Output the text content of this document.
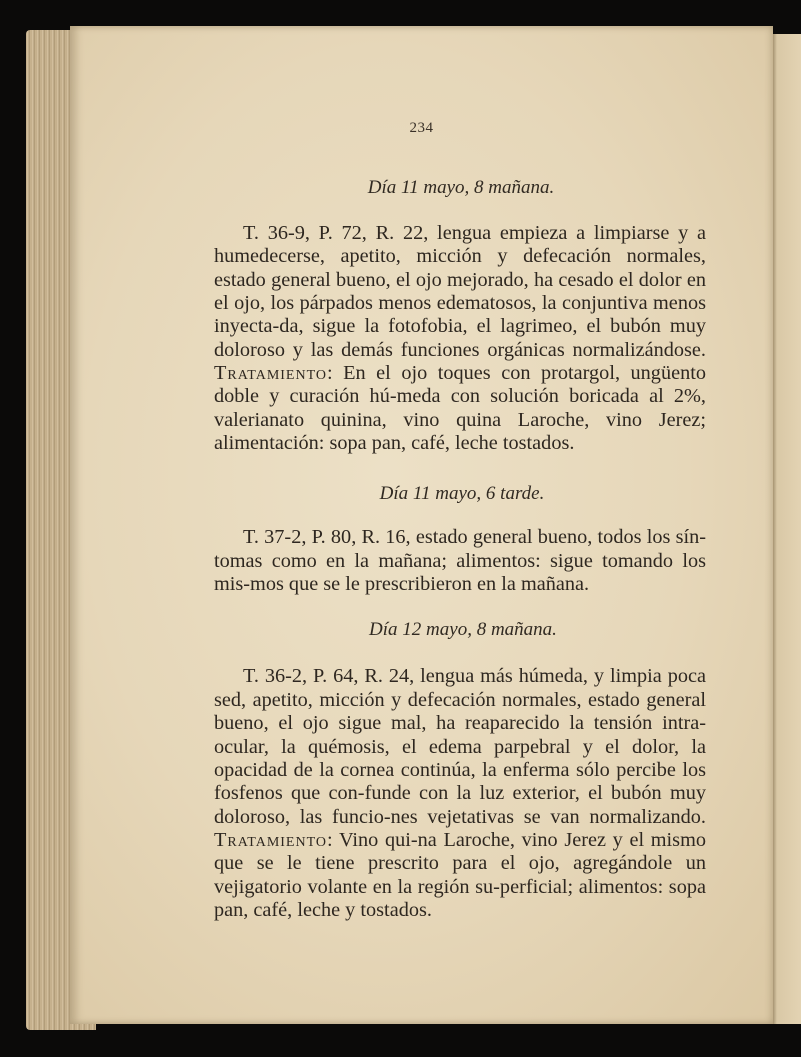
234

Día 11 mayo, 8 mañana.

T. 36-9, P. 72, R. 22, lengua empieza a limpiarse y a humedecerse, apetito, micción y defecación normales, estado general bueno, el ojo mejorado, ha cesado el dolor en el ojo, los párpados menos edematosos, la conjuntiva menos inyecta-da, sigue la fotofobia, el lagrimeo, el bubón muy doloroso y las demás funciones orgánicas normalizándose. Tratamiento: En el ojo toques con protargol, ungüento doble y curación hú-meda con solución boricada al 2%, valerianato quinina, vino quina Laroche, vino Jerez; alimentación: sopa pan, café, leche tostados.

Día 11 mayo, 6 tarde.

T. 37-2, P. 80, R. 16, estado general bueno, todos los sín-tomas como en la mañana; alimentos: sigue tomando los mis-mos que se le prescribieron en la mañana.

Día 12 mayo, 8 mañana.

T. 36-2, P. 64, R. 24, lengua más húmeda, y limpia poca sed, apetito, micción y defecación normales, estado general bueno, el ojo sigue mal, ha reaparecido la tensión intra-ocular, la quémosis, el edema parpebral y el dolor, la opacidad de la cornea continúa, la enferma sólo percibe los fosfenos que con-funde con la luz exterior, el bubón muy doloroso, las funcio-nes vejetativas se van normalizando. Tratamiento: Vino qui-na Laroche, vino Jerez y el mismo que se le tiene prescrito para el ojo, agregándole un vejigatorio volante en la región su-perficial; alimentos: sopa pan, café, leche y tostados.
